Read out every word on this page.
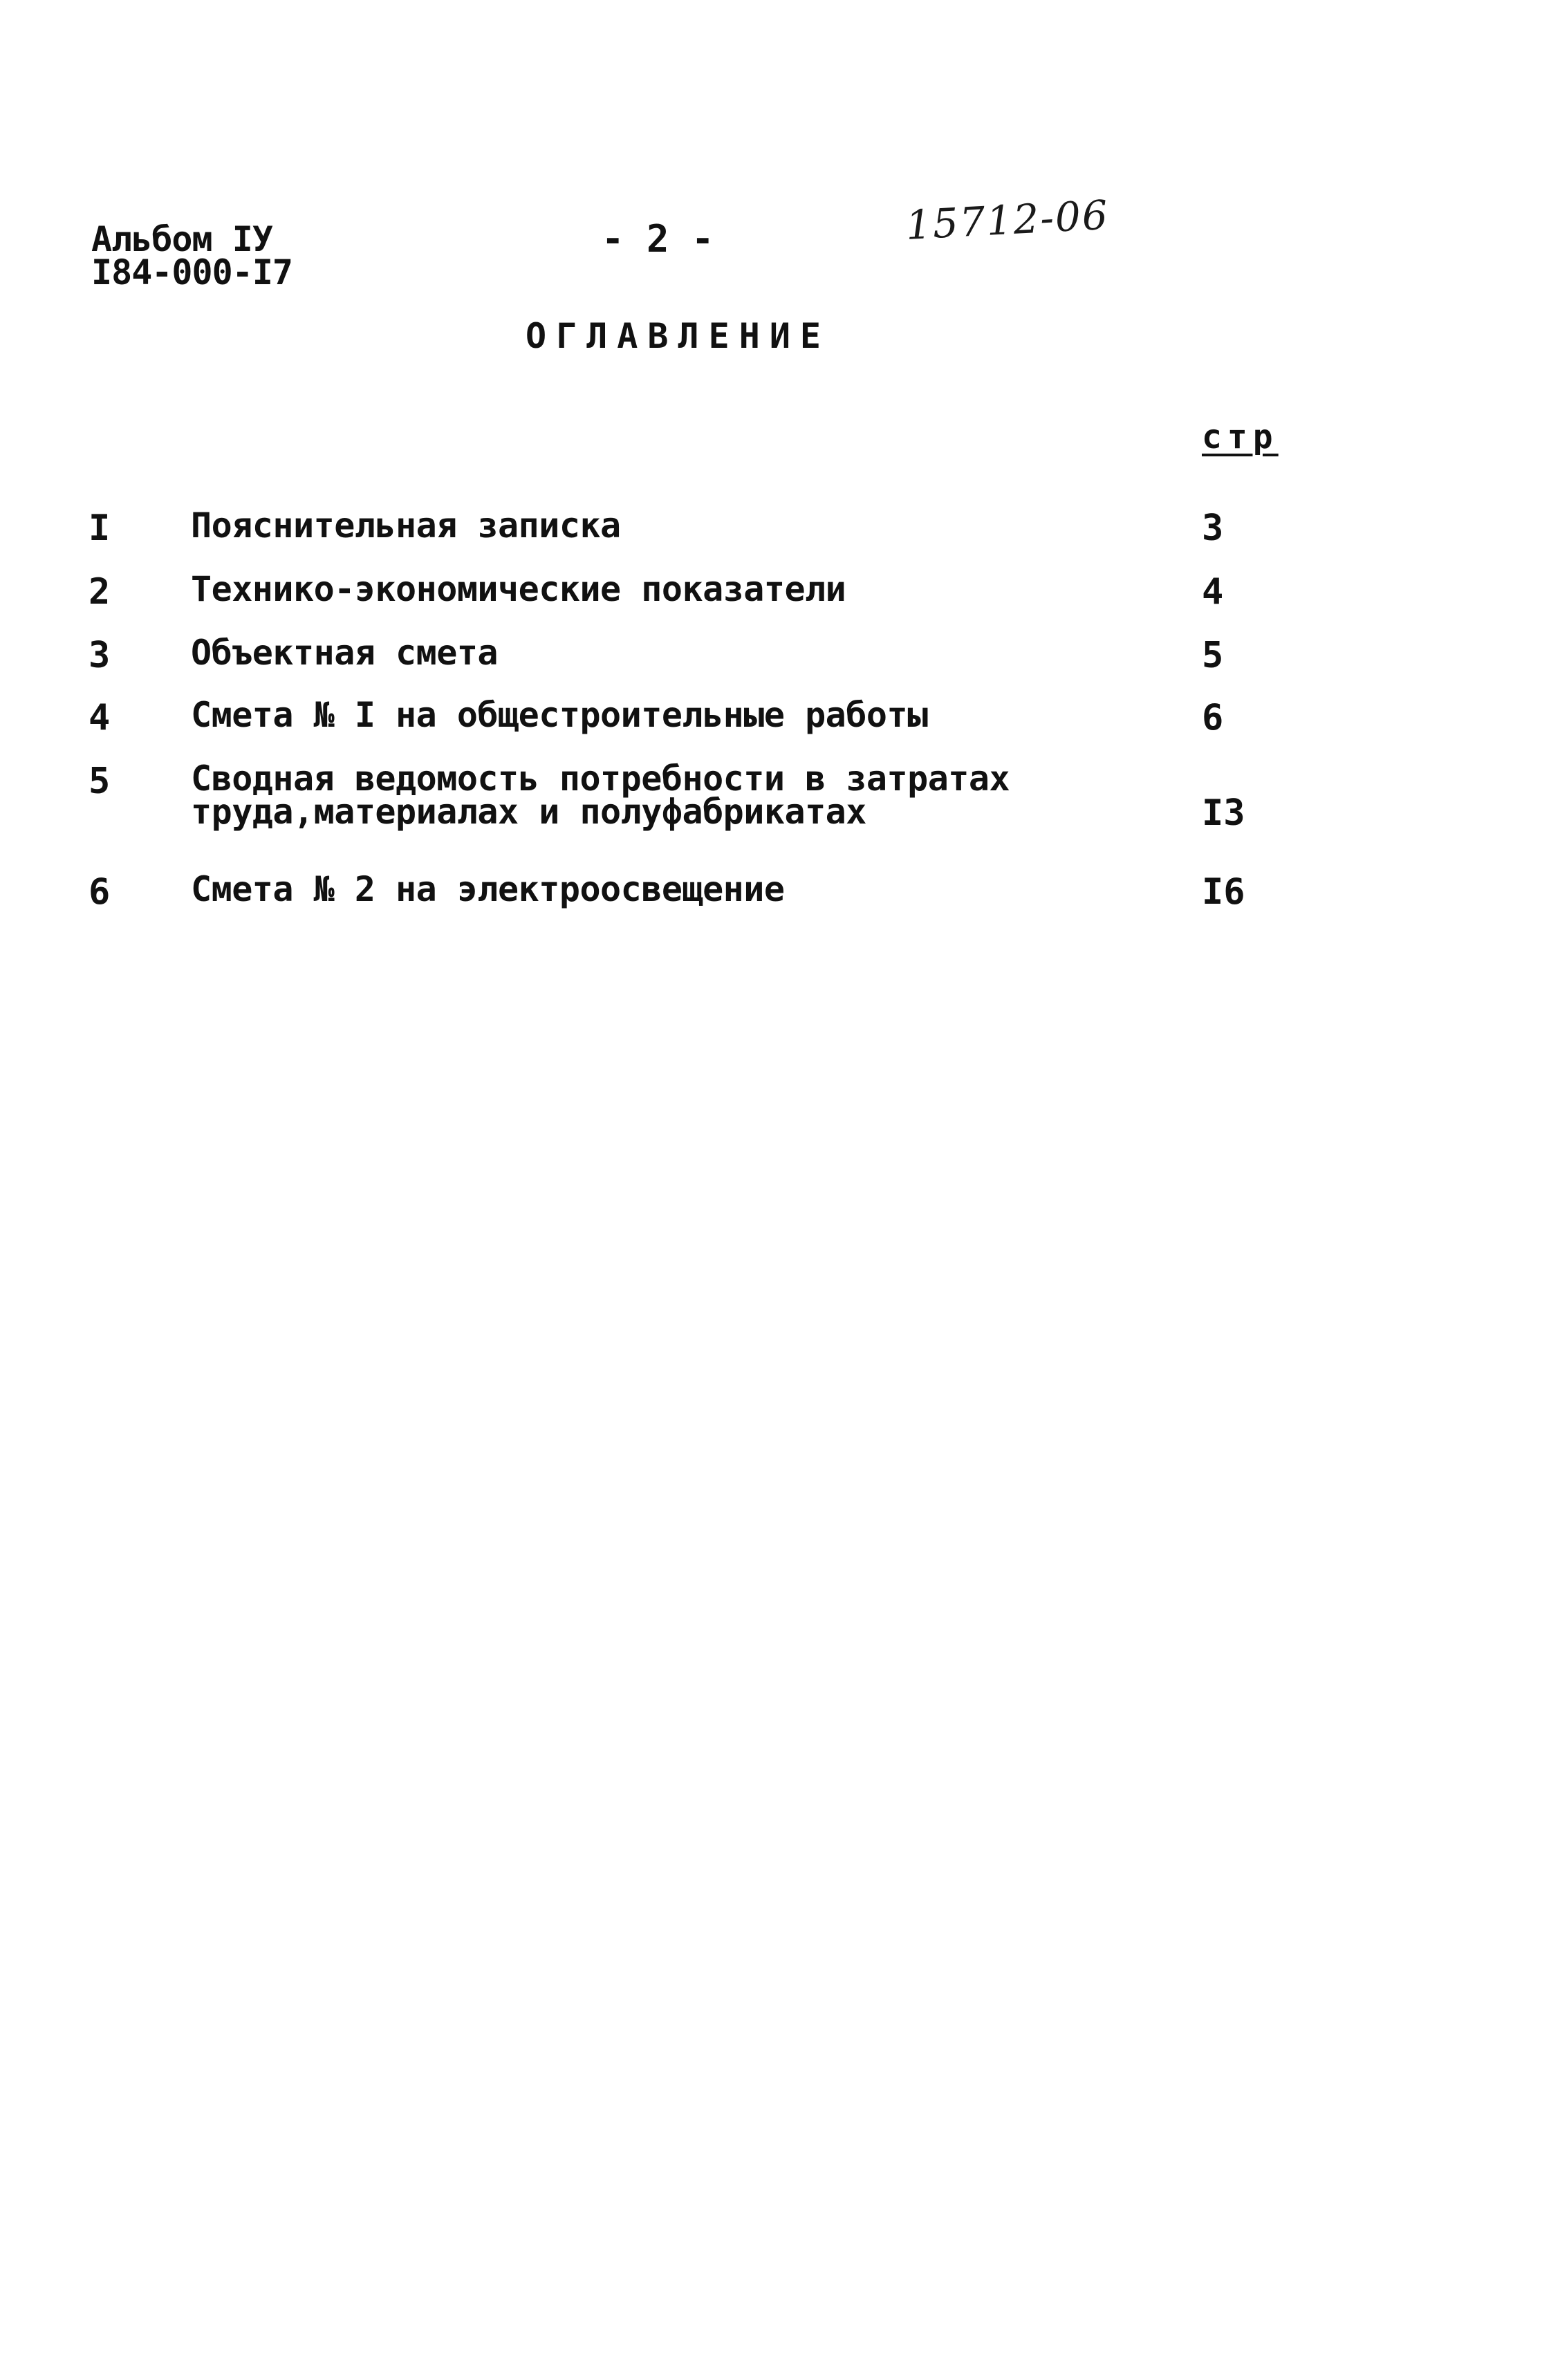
Альбом IУ
I84-000-I7
- 2 -	15712-06
ОГЛАВЛЕНИЕ
стр
I Пояснительная записка	3
2 Технико-экономические показатели	4
3 Объектная смета	5
4 Смета № I на общестроительные работы	6
5 Сводная ведомость потребности в затратах
труда,материалах и полуфабрикатах	I3
6 Смета № 2 на электроосвещение	I6
